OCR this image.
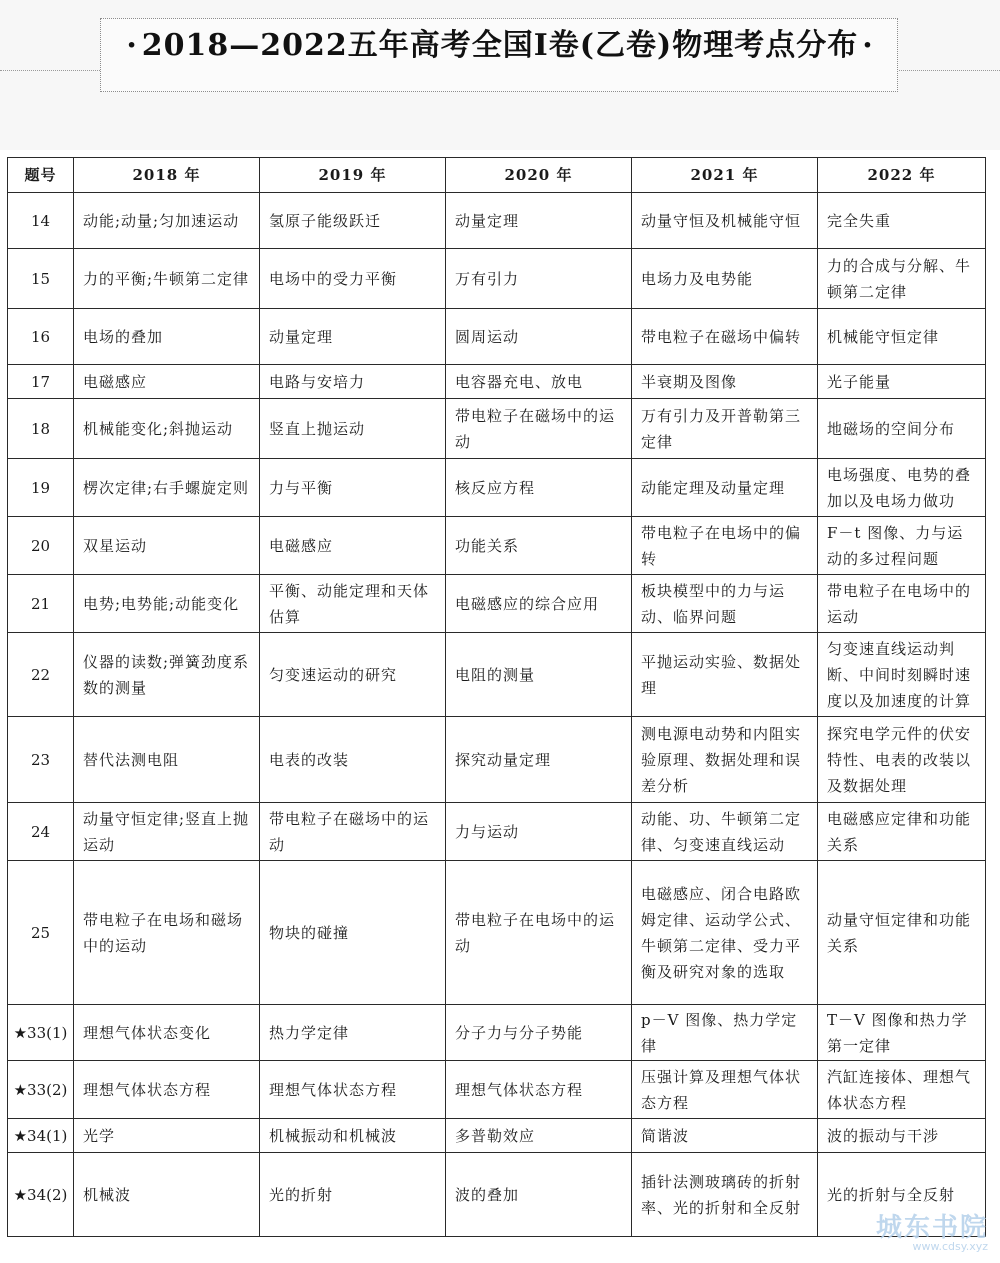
· 2018—2022五年高考全国Ⅰ卷(乙卷)物理考点分布 ·
题号	2018 年	2019 年	2020 年	2021 年	2022 年
14	动能;动量;匀加速运动	氢原子能级跃迁	动量定理	动量守恒及机械能守恒	完全失重
15	力的平衡;牛顿第二定律	电场中的受力平衡	万有引力	电场力及电势能	力的合成与分解、牛顿第二定律
16	电场的叠加	动量定理	圆周运动	带电粒子在磁场中偏转	机械能守恒定律
17	电磁感应	电路与安培力	电容器充电、放电	半衰期及图像	光子能量
18	机械能变化;斜抛运动	竖直上抛运动	带电粒子在磁场中的运动	万有引力及开普勒第三定律	地磁场的空间分布
19	楞次定律;右手螺旋定则	力与平衡	核反应方程	动能定理及动量定理	电场强度、电势的叠加以及电场力做功
20	双星运动	电磁感应	功能关系	带电粒子在电场中的偏转	F－t 图像、力与运动的多过程问题
21	电势;电势能;动能变化	平衡、动能定理和天体估算	电磁感应的综合应用	板块模型中的力与运动、临界问题	带电粒子在电场中的运动
22	仪器的读数;弹簧劲度系数的测量	匀变速运动的研究	电阻的测量	平抛运动实验、数据处理	匀变速直线运动判断、中间时刻瞬时速度以及加速度的计算
23	替代法测电阻	电表的改装	探究动量定理	测电源电动势和内阻实验原理、数据处理和误差分析	探究电学元件的伏安特性、电表的改装以及数据处理
24	动量守恒定律;竖直上抛运动	带电粒子在磁场中的运动	力与运动	动能、功、牛顿第二定律、匀变速直线运动	电磁感应定律和功能关系
25	带电粒子在电场和磁场中的运动	物块的碰撞	带电粒子在电场中的运动	电磁感应、闭合电路欧姆定律、运动学公式、牛顿第二定律、受力平衡及研究对象的选取	动量守恒定律和功能关系
★33(1)	理想气体状态变化	热力学定律	分子力与分子势能	p－V 图像、热力学定律	T－V 图像和热力学第一定律
★33(2)	理想气体状态方程	理想气体状态方程	理想气体状态方程	压强计算及理想气体状态方程	汽缸连接体、理想气体状态方程
★34(1)	光学	机械振动和机械波	多普勒效应	简谐波	波的振动与干涉
★34(2)	机械波	光的折射	波的叠加	插针法测玻璃砖的折射率、光的折射和全反射	光的折射与全反射
城东书院
www.cdsy.xyz
